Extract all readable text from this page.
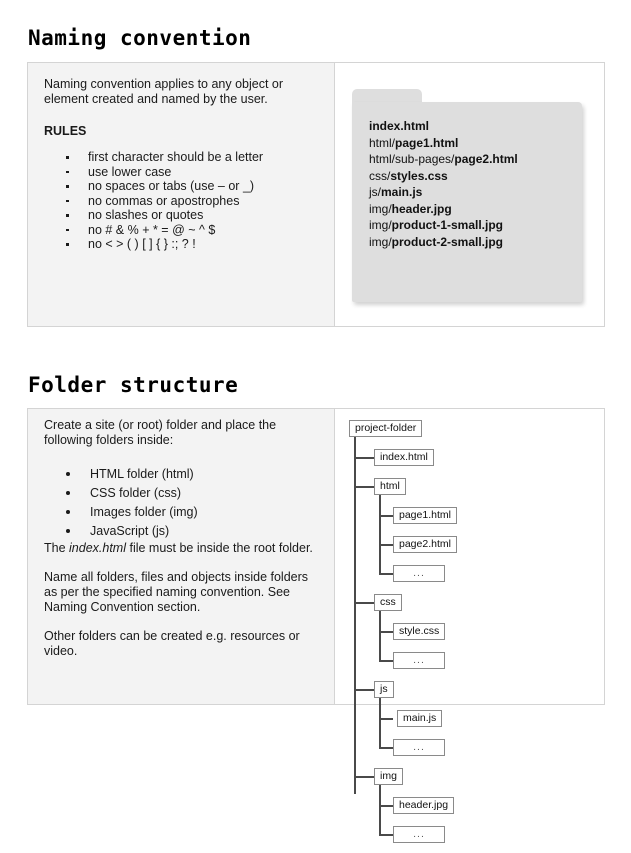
Naming convention

Naming convention applies to any object or element created and named by the user.

RULES

first character should be a letter
use lower case
no spaces or tabs (use – or _)
no commas or apostrophes
no slashes or quotes
no # & % + * = @ ~ ^ $
no < > ( ) [ ] { } :; ? !
index.html
html/page1.html
html/sub-pages/page2.html
css/styles.css
js/main.js
img/header.jpg
img/product-1-small.jpg
img/product-2-small.jpg
Folder structure

Create a site (or root) folder and place the following folders inside:

HTML folder (html)
CSS folder (css)
Images folder (img)
JavaScript (js)

The index.html file must be inside the root folder.

Name all folders, files and objects inside folders as per the specified naming convention. See Naming Convention section.

Other folders can be created e.g. resources or video.

project-folder
index.html
html
page1.html
page2.html
...
css
style.css
...
js
main.js
...
img
header.jpg
...
